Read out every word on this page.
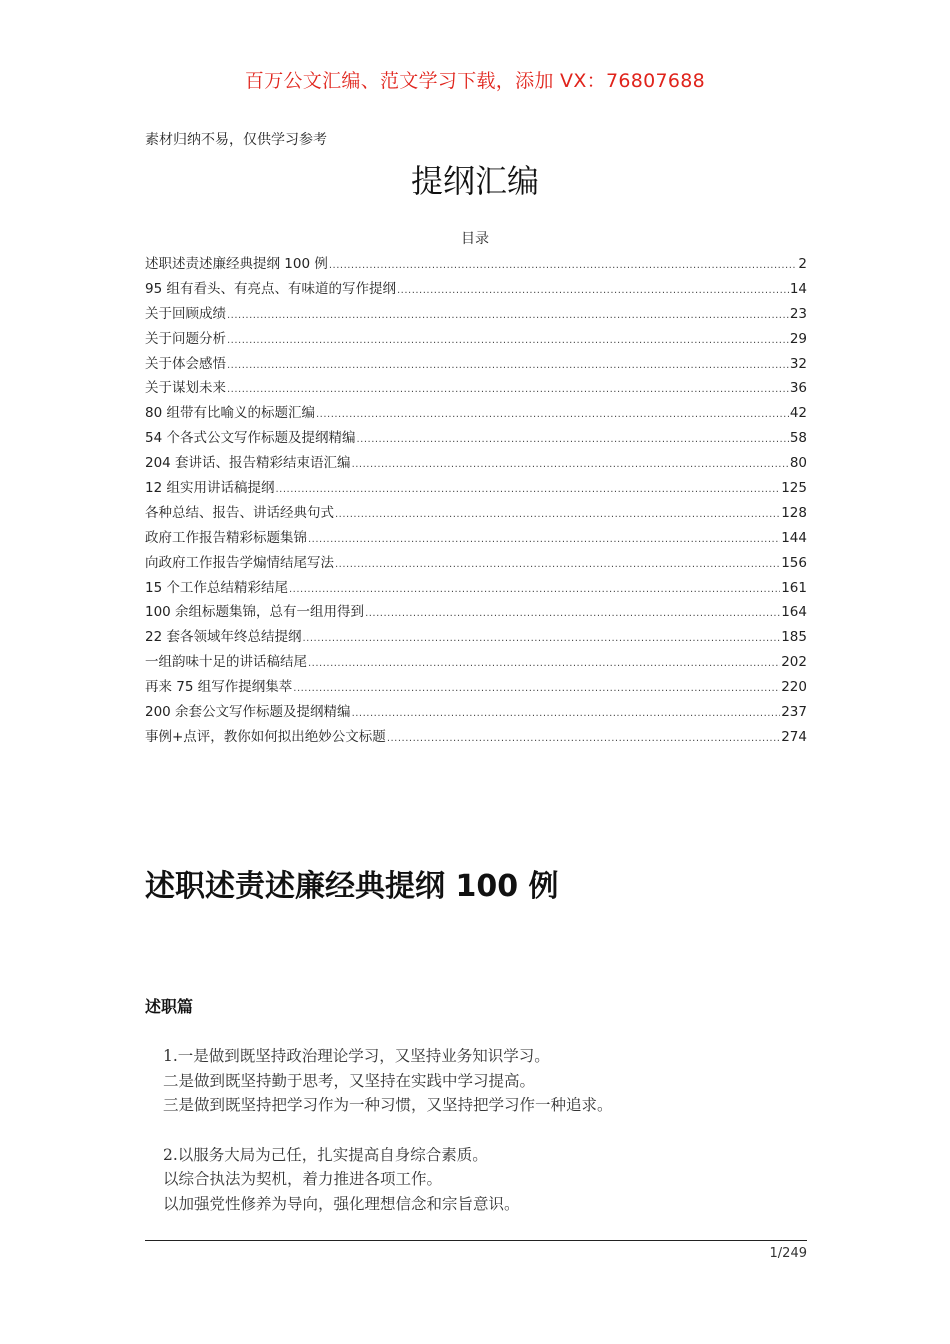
百万公文汇编、范文学习下载，添加 VX：76807688
素材归纳不易，仅供学习参考
提纲汇编
目录
述职述责述廉经典提纲 100 例 .....	2
95 组有看头、有亮点、有味道的写作提纲 .....	14
关于回顾成绩 .....	23
关于问题分析 .....	29
关于体会感悟 .....	32
关于谋划未来 .....	36
80 组带有比喻义的标题汇编 .....	42
54 个各式公文写作标题及提纲精编 .....	58
204 套讲话、报告精彩结束语汇编 .....	80
12 组实用讲话稿提纲 .....	125
各种总结、报告、讲话经典句式 .....	128
政府工作报告精彩标题集锦 .....	144
向政府工作报告学煽情结尾写法 .....	156
15 个工作总结精彩结尾 .....	161
100 余组标题集锦，总有一组用得到 .....	164
22 套各领域年终总结提纲 .....	185
一组韵味十足的讲话稿结尾 .....	202
再来 75 组写作提纲集萃 .....	220
200 余套公文写作标题及提纲精编 .....	237
事例+点评，教你如何拟出绝妙公文标题 .....	274
述职述责述廉经典提纲 100 例
述职篇

1.一是做到既坚持政治理论学习，又坚持业务知识学习。

二是做到既坚持勤于思考，又坚持在实践中学习提高。

三是做到既坚持把学习作为一种习惯，又坚持把学习作一种追求。

2.以服务大局为己任，扎实提高自身综合素质。

以综合执法为契机，着力推进各项工作。

以加强党性修养为导向，强化理想信念和宗旨意识。

1/249
